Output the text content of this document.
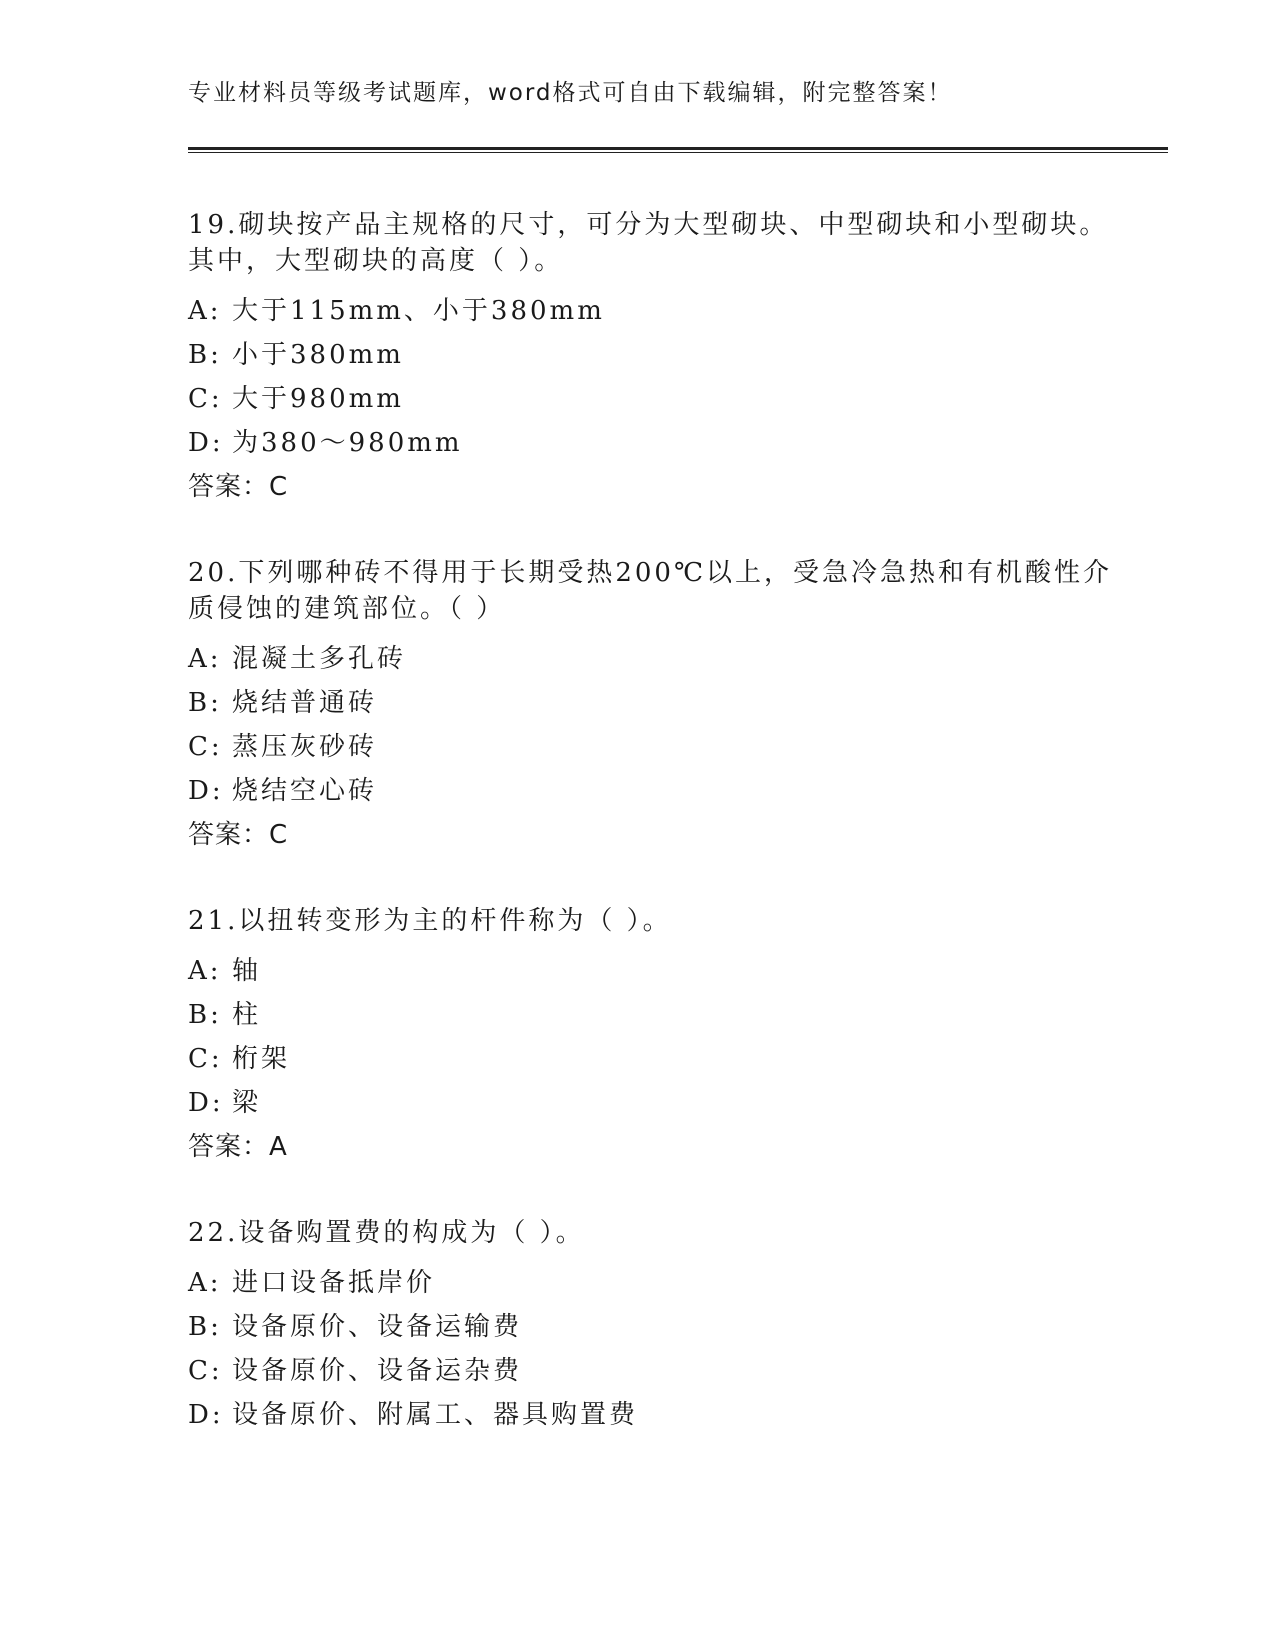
专业材料员等级考试题库，word格式可自由下载编辑，附完整答案！
19.砌块按产品主规格的尺寸，可分为大型砌块、中型砌块和小型砌块。其中，大型砌块的高度（ ）。
A: 大于115mm、小于380mm
B: 小于380mm
C: 大于980mm
D: 为380～980mm
答案：C
20.下列哪种砖不得用于长期受热200℃以上，受急冷急热和有机酸性介质侵蚀的建筑部位。（ ）
A: 混凝土多孔砖
B: 烧结普通砖
C: 蒸压灰砂砖
D: 烧结空心砖
答案：C
21.以扭转变形为主的杆件称为（ ）。
A: 轴
B: 柱
C: 桁架
D: 梁
答案：A
22.设备购置费的构成为（ ）。
A: 进口设备抵岸价
B: 设备原价、设备运输费
C: 设备原价、设备运杂费
D: 设备原价、附属工、器具购置费
